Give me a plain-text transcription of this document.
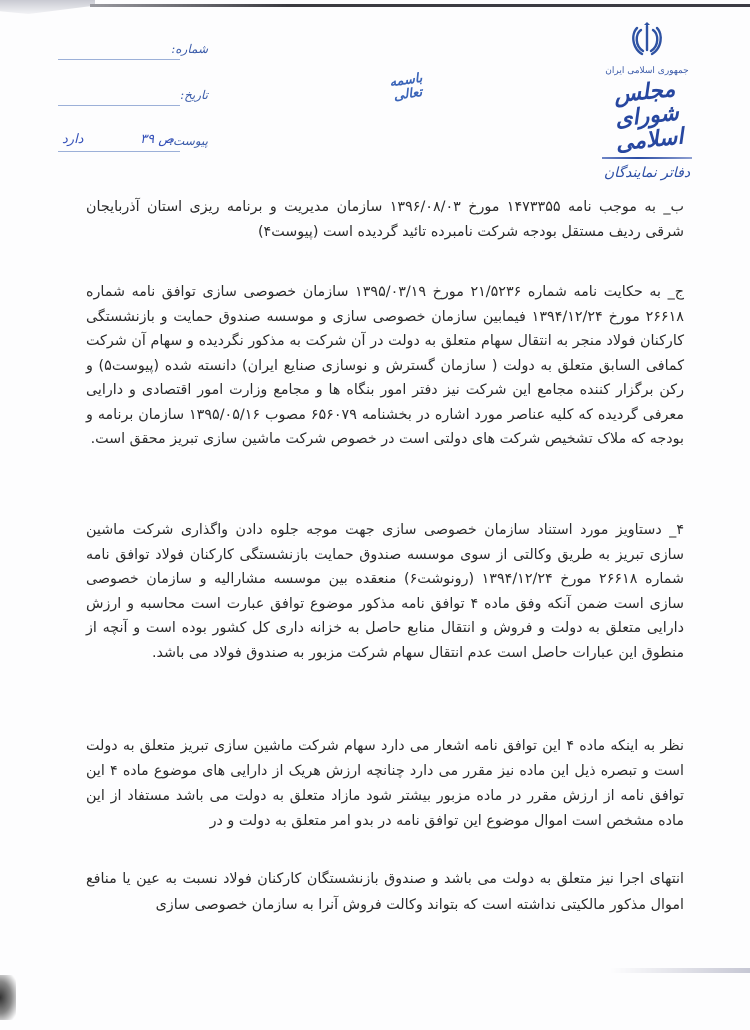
جمهوری اسلامی ایران
مجلس شورای اسلامی
دفاتر نمایندگان
باسمه تعالی
شماره:
تاریخ:
پیوست:
ص ۳۹
دارد

ب_ به موجب نامه ۱۴۷۳۳۵۵ مورخ ۱۳۹۶/۰۸/۰۳ سازمان مدیریت و برنامه ریزی استان آذربایجان شرقی ردیف مستقل بودجه شرکت نامبرده تائید گردیده است (پیوست۴)

ج_ به حکایت نامه شماره ۲۱/۵۲۳۶ مورخ ۱۳۹۵/۰۳/۱۹ سازمان خصوصی سازی توافق نامه شماره ۲۶۶۱۸ مورخ ۱۳۹۴/۱۲/۲۴ فیمابین سازمان خصوصی سازی و موسسه صندوق حمایت و بازنشستگی کارکنان فولاد منجر به انتقال سهام متعلق به دولت در آن شرکت به مذکور نگردیده و سهام آن شرکت کمافی السابق متعلق به دولت ( سازمان گسترش و نوسازی صنایع ایران) دانسته شده (پیوست۵) و رکن برگزار کننده مجامع این شرکت نیز دفتر امور بنگاه ها و مجامع وزارت امور اقتصادی و دارایی معرفی گردیده که کلیه عناصر مورد اشاره در بخشنامه ۶۵۶۰۷۹ مصوب ۱۳۹۵/۰۵/۱۶ سازمان برنامه و بودجه که ملاک تشخیص شرکت های دولتی است در خصوص شرکت ماشین سازی تبریز محقق است.

۴_ دستاویز مورد استناد سازمان خصوصی سازی جهت موجه جلوه دادن واگذاری شرکت ماشین سازی تبریز به طریق وکالتی از سوی موسسه صندوق حمایت بازنشستگی کارکنان فولاد توافق نامه شماره ۲۶۶۱۸ مورخ ۱۳۹۴/۱۲/۲۴ (رونوشت۶) منعقده بین موسسه مشارالیه و سازمان خصوصی سازی است ضمن آنکه وفق ماده ۴ توافق نامه مذکور موضوع توافق عبارت است محاسبه و ارزش دارایی متعلق به دولت و فروش و انتقال منابع حاصل به خزانه داری کل کشور بوده است و آنچه از منطوق این عبارات حاصل است عدم انتقال سهام شرکت مزبور به صندوق فولاد می باشد.

نظر به اینکه ماده ۴ این توافق نامه اشعار می دارد سهام شرکت ماشین سازی تبریز متعلق به دولت است و تبصره ذیل این ماده نیز مقرر می دارد چنانچه ارزش هریک از دارایی های موضوع ماده ۴ این توافق نامه از ارزش مقرر در ماده مزبور بیشتر شود مازاد متعلق به دولت می باشد مستفاد از این ماده مشخص است اموال موضوع این توافق نامه در بدو امر متعلق به دولت و در

انتهای اجرا نیز متعلق به دولت می باشد و صندوق بازنشستگان کارکنان فولاد نسبت به عین یا منافع اموال مذکور مالکیتی نداشته است که بتواند وکالت فروش آنرا به سازمان خصوصی سازی
